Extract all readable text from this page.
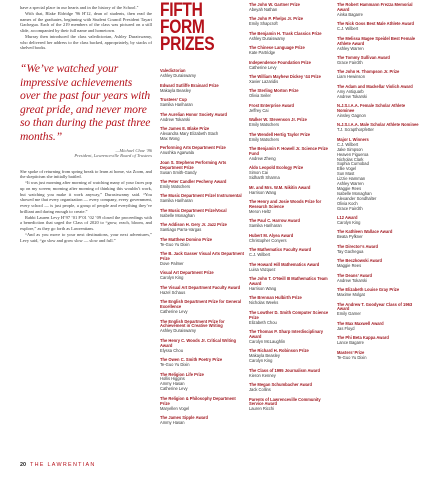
have a special place in our hearts and in the history of the School."

With that, Blake Eldridge '96 H'12, dean of students, then read the names of the graduates, beginning with Student Council President Tayari Gachegua. Each of the 219 members of the class was pictured on a still slide, accompanied by their full name and hometown.

Murray then introduced the class valedictorian, Ashley Duraiswamy, who delivered her address to the class backed, appropriately, by stacks of shelved books.

“We’ve watched your impressive achievements over the past four years with great pride, and never more so than during the past three months.”
—Michael Chae ’86
President, Lawrenceville Board of Trustees

She spoke of returning from spring break to learn at home, via Zoom, and the skepticism she initially battled.

“It was just morning after morning of watching many of your faces pop up on my screen; morning after morning of thinking this wouldn’t work, but watching you make it work anyway,” Durasiswamy said. “You showed me that every organization — every company, every government, every school — is just people, a group of people and everything they’ve brilliant and daring enough to create.”

Rabbi Lauren Levy H’97 ’01 P’01 ’02 ’09 closed the proceedings with a benediction that urged the Class of 2020 to “grow, reach, bloom, and explore,” as they go forth as Lawrentians.

“And as you move to your next destinations, your next adventures,” Levy said, “go slow and grow slow — slow and full.”

20 THE LAWRENTIAN
FIFTH
FORM
PRIZES
Valedictorian
Ashley Duraiswamy
Edward Sutliffe Brainard Prize
Makayla Beasley
Trustees’ Cup
Samika Hariharan
The Aurelian Honor Society Award
Andrew Tokarski
The James E. Blake Prize
Alexandra Mary Elizabeth Stach
Max Wong
Performing Arts Department Prize
Anushka Agarwala
Joan S. Stephens Performing Arts Department Prize
Susan Smith-Gandy
The Peter Candler Pecheny Award
Emily Matschers
The Music Department Prize/ Instrumental
Samika Hariharan
The Music Department Prize/Vocal
Isabelle Monaghan
The Addison H. Gery Jr. Jazz Prize
Santiago Parra-Vargas
The Matthew Domino Prize
Te-Guo Yu Dixin
The B. Jack Gasser Visual Arts Department Prize
Dove Palmer
Visual Art Department Prize
Carolyn King
The Visual Art Department Faculty Award
Hazel Schaus
The English Department Prize for General Excellence
Catherine Levy
The English Department Prize for Achievement in Creative Writing
Ashley Duraiswamy
The Henry C. Woods Jr. Critical Writing Award
Elyssa Chou
The Owen C. Smith Poetry Prize
Te-Guo Yu Dixin
The Religion Life Prize
Hollis Higgins
Ammy Hasan
Catherine Levy
The Religion & Philosophy Department Prize
Maryellen Vogel
The James Sipple Award
Ammy Hasan
The John W. Gartner Prize
Abeyah Nathan
The John P. Phelps Jr. Prize
Emily Shapcroft
The Benjamin H. Trask Classics Prize
Ashley Duraiswamy
The Chinese Language Prize
Kate Partridge
Independence Foundation Prize
Catherine Levy
The William Mayhew Dickey ’44 Prize
Xavier Lazaridis
The Sterling Morton Prize
Olivia Seiler
Frost Enterprise Award
Jeffrey Cai
Walker W. Stevenson Jr. Prize
Emily Matschers
The Wendell Hertig Taylor Prize
Emily Matschers
The Benjamin F. Howell Jr. Science Prize Fund
Andrew Zheng
Aldo Leopold Ecology Prize
Simon Cai
Sidharth Sharma
Mr. and Mrs. W.M. Nikitin Award
Harrison Wang
The Henry and Josie Woods Prize for Research Science
Meron Heltz
The Paul C. Harrow Award
Samika Hariharan
Hubert M. Alyea Award
Christopher Conyers
The Mathematics Faculty Award
C.J. Wilbert
The Howard Hill Mathematics Award
Luisa Vazquez
The John T. O’Neill III Mathematics Team Award
Harrison Wang
The Brennan Hulbirth Prize
Nicholas Weeks
The Lowther D. Smith Computer Science Prize
Elizabeth Chou
The Thomas P. Sharp Interdisciplinary Award
Carolyn McLaughlin
The Richard H. Robinson Prize
Makayla Beasley
Carolyn King
The Class of 1995 Journalism Award
Kieron Kenney
The Megan Schumbacher Award
Jack Collins
Parents of Lawrenceville Community Service Award
Lauren Ricchi
The Robert Hammann Frezza Memorial Award
Ainka Bagarre
The Nick Goss Best Male Athlete Award
C.J. Wilbert
The Melissa Magee Speidel Best Female Athlete Award
Ashley Warren
The Tommy Sullivan Award
Grace Fairclth
The John H. Thompson Jr. Prize
Liam Hewinson
The Adam and Mackellar Violich Award
Amy Antiquarb
Andrew Tokarski
N.J.S.I.A.A. Female Scholar Athlete Nominee
Ainsley Gagnon
N.J.S.I.A.A. Male Scholar Athlete Nominee
T.J. Scrapthorpfetter
Major L Winners
C.J. Wilbert
Jake Simpson
Heaven Figueroa
Nicholas Clark
Sophia Curnobad
Ellie Vogel
Sun Mast
Lizzie Hamman
Ashley Warren
Maggie Rees
Isabelle Monaghan
Alexander Sondhalter
Olivia Koch
Grace Fairclth
L12 Award
Carolyn King
The Kathleen Wallace Award
Beata Pyfkner
The Director’s Award
Tay Gachegua
The Beczkowski Award
Maggie Rees
The Deans’ Award
Andrew Tokarski
The Elizabeth Louise Gray Prize
Maxime Molgat
The Andrew T. Goodyear Class of 1963 Award
Emily Garner
The Max Maxwell Award
Jas Floyd
The Phi Beta Kappa Award
Lance Bagarre
Masters’ Prize
Te-Guo Yu Dixin
